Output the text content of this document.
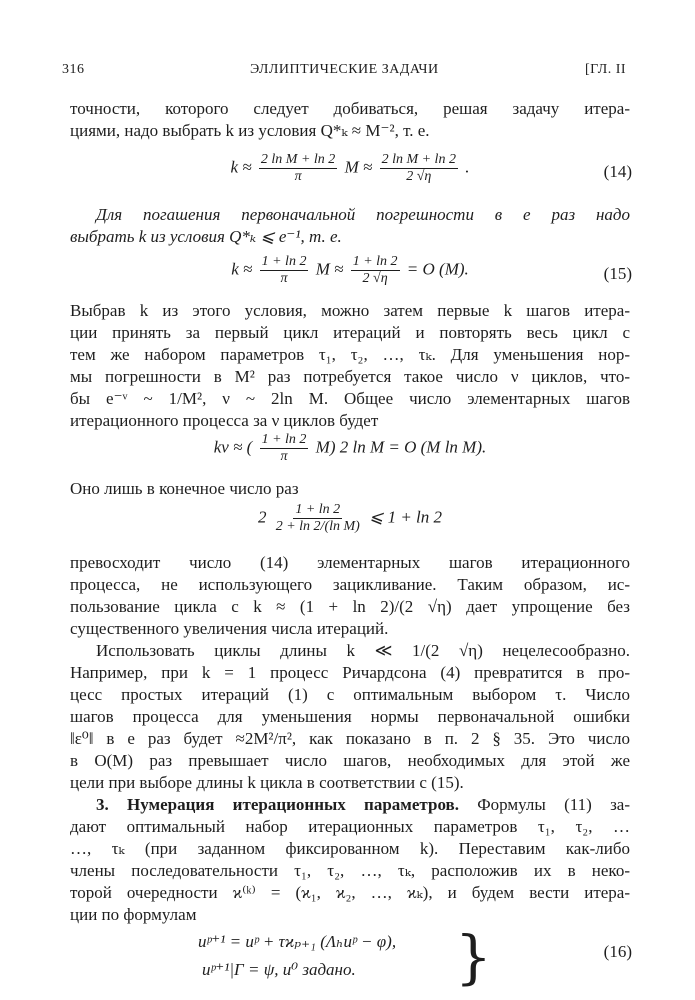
316	ЭЛЛИПТИЧЕСКИЕ ЗАДАЧИ	[ГЛ. II
точности, которого следует добиваться, решая задачу итера-
циями, надо выбрать k из условия Q*ₖ ≈ M⁻², т. е.
$k \approx \frac{\text{2 ln M + ln 2}}{\pi}$ $M \approx \frac{\text{2 ln M + ln 2}}{2 √\eta}$ .	(14)
Для погашения первоначальной погрешности в e раз надо
выбрать k из условия Q*ₖ ⩽ e⁻¹, т. е.
$k \approx \frac{1 + \ln 2}{\pi}$ $M \approx \frac{1 + \ln 2}{2 √\eta} = O$ (M).	(15)
Выбрав k из этого условия, можно затем первые k шагов итера-
ции принять за первый цикл итераций и повторять весь цикл с
тем же набором параметров τ₁, τ₂, …, τₖ. Для уменьшения нор-
мы погрешности в M² раз потребуется такое число ν циклов, что-
бы e⁻ᵛ ~ 1/M², ν ~ 2ln M. Общее число элементарных шагов
итерационного процесса за ν циклов будет
kν ≈ ( $\frac{1 + \ln 2}{\pi} M$) 2 ln M = O (M ln M).
Оно лишь в конечное число раз
$2 \frac{1 + \ln 2}{\text{2 + ln 2/(ln M)}}$ ⩽ 1 + ln 2
превосходит число (14) элементарных шагов итерационного
процесса, не использующего зацикливание. Таким образом, ис-
пользование цикла с k ≈ (1 + ln 2)/(2 √η) дает упрощение без
существенного увеличения числа итераций.
Использовать циклы длины k ≪ 1/(2 √η) нецелесообразно.
Например, при k = 1 процесс Ричардсона (4) превратится в про-
цесс простых итераций (1) с оптимальным выбором τ. Число
шагов процесса для уменьшения нормы первоначальной ошибки
‖ε⁰‖ в e раз будет ≈2M²/π², как показано в п. 2 § 35. Это число
в O(M) раз превышает число шагов, необходимых для этой же
цели при выборе длины k цикла в соответствии с (15).
3. Нумерация итерационных параметров. Формулы (11) за-
дают оптимальный набор итерационных параметров τ₁, τ₂, …
…, τₖ (при заданном фиксированном k). Переставим как-либо
члены последовательности τ₁, τ₂, …, τₖ, расположив их в неко-
торой очередности ϰ⁽ᵏ⁾ = (ϰ₁, ϰ₂, …, ϰₖ), и будем вести итера-
ции по формулам
uᵖ⁺¹ = uᵖ + τϰₚ₊₁ (Λₕuᵖ − φ),
uᵖ⁺¹|Γ = ψ, u⁰ задано.	}	(16)
